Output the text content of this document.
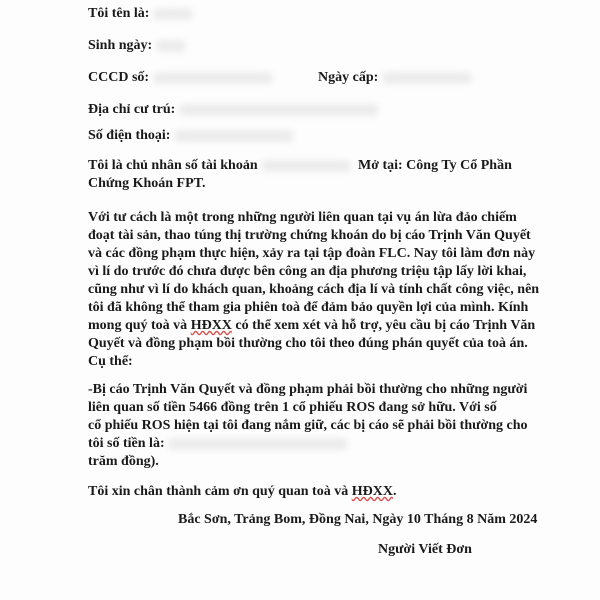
Tôi tên là:
Sinh ngày:
CCCD số:	Ngày cấp:
Địa chỉ cư trú:
Số điện thoại:
Tôi là chủ nhân số tài khoản	Mở tại: Công Ty Cổ Phần
Chứng Khoán FPT.
Với tư cách là một trong những người liên quan tại vụ án lừa đảo chiếm
đoạt tài sản, thao túng thị trường chứng khoán do bị cáo Trịnh Văn Quyết
và các đồng phạm thực hiện, xảy ra tại tập đoàn FLC. Nay tôi làm đơn này
vì lí do trước đó chưa được bên công an địa phương triệu tập lấy lời khai,
cũng như vì lí do khách quan, khoảng cách địa lí và tính chất công việc, nên
tôi đã không thể tham gia phiên toà để đảm bảo quyền lợi của mình. Kính
mong quý toà và HĐXX có thể xem xét và hỗ trợ, yêu cầu bị cáo Trịnh Văn
Quyết và đồng phạm bồi thường cho tôi theo đúng phán quyết của toà án.
Cụ thể:
-Bị cáo Trịnh Văn Quyết và đồng phạm phải bồi thường cho những người
liên quan số tiền 5466 đồng trên 1 cổ phiếu ROS đang sở hữu. Với số
cổ phiếu ROS hiện tại tôi đang nắm giữ, các bị cáo sẽ phải bồi thường cho
tôi số tiền là:
trăm đồng).
Tôi xin chân thành cảm ơn quý quan toà và HĐXX.
Bắc Sơn, Trảng Bom, Đồng Nai, Ngày 10 Tháng 8 Năm 2024
Người Viết Đơn
